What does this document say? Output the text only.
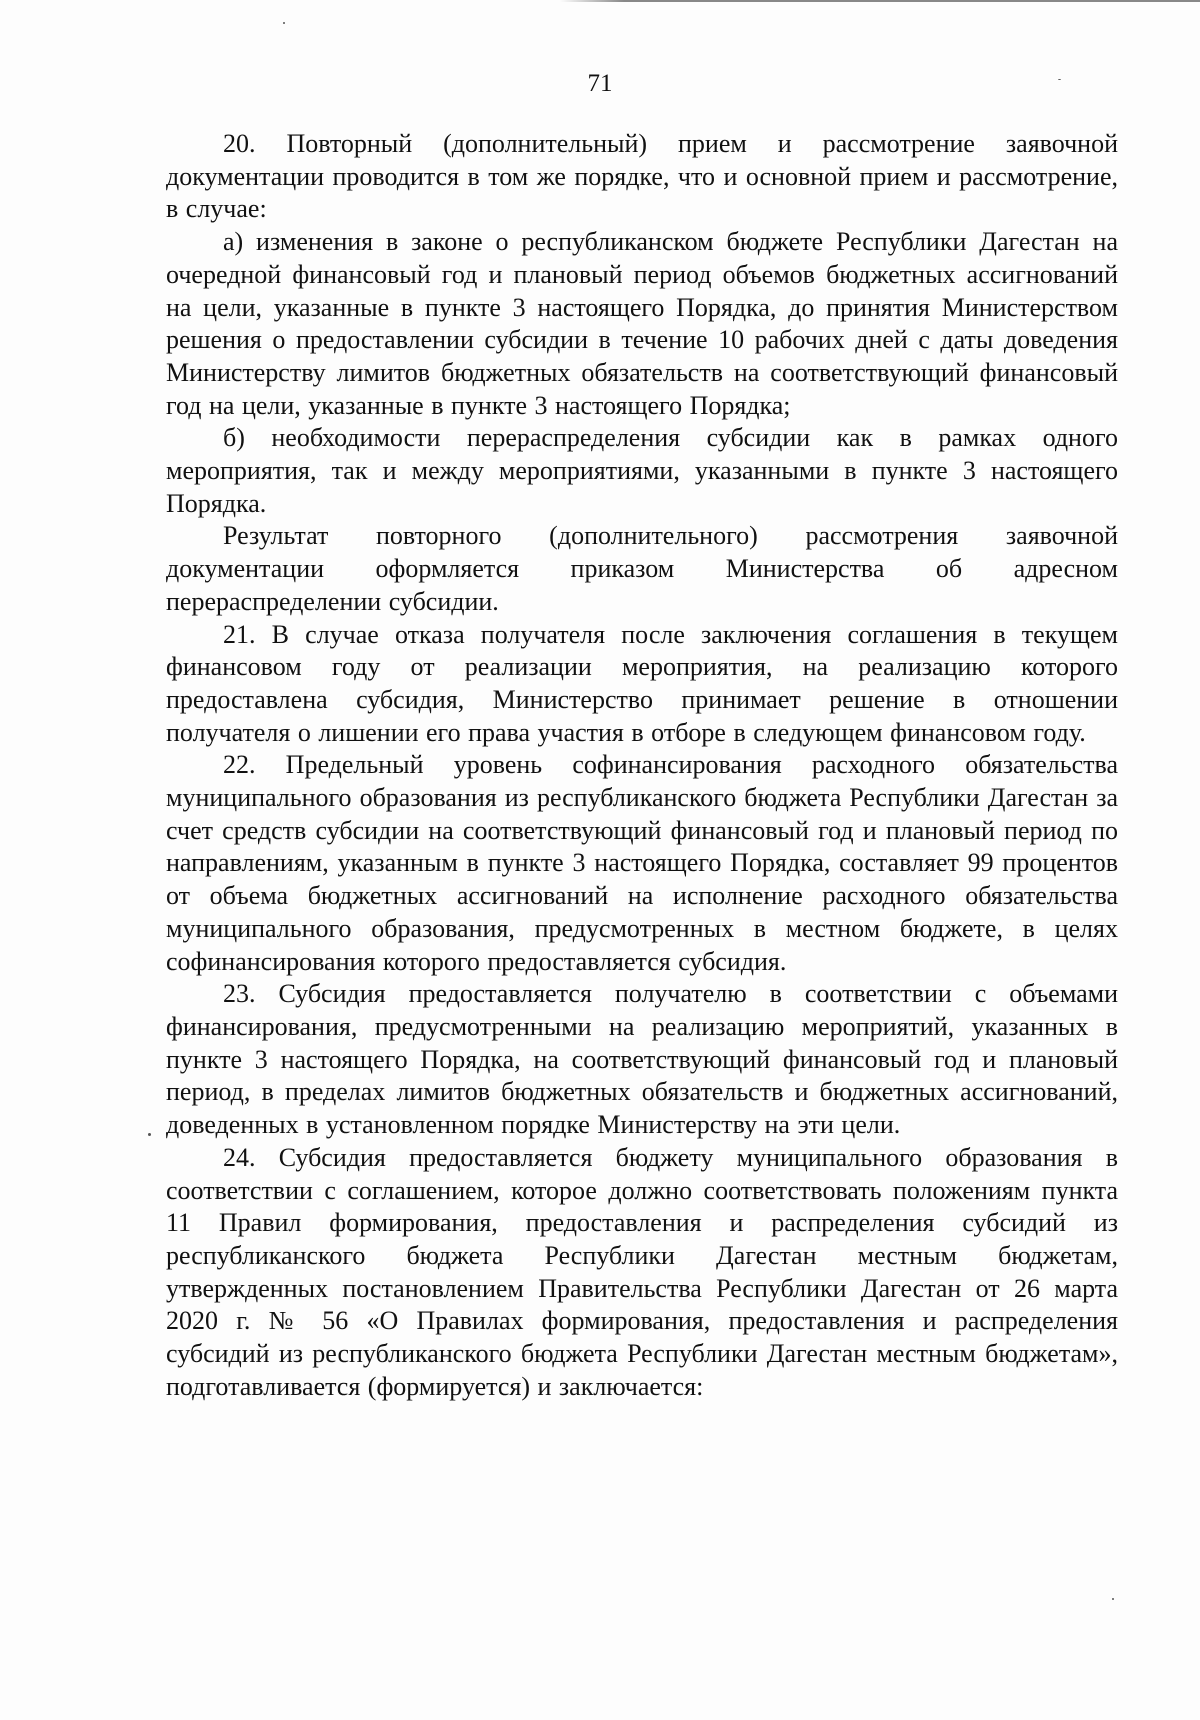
71

20. Повторный (дополнительный) прием и рассмотрение заявочной документации проводится в том же порядке, что и основной прием и рассмотрение, в случае:

а) изменения в законе о республиканском бюджете Республики Дагестан на очередной финансовый год и плановый период объемов бюджетных ассигнований на цели, указанные в пункте 3 настоящего Порядка, до принятия Министерством решения о предоставлении субсидии в течение 10 рабочих дней с даты доведения Министерству лимитов бюджетных обязательств на соответствующий финансовый год на цели, указанные в пункте 3 настоящего Порядка;

б) необходимости перераспределения субсидии как в рамках одного мероприятия, так и между мероприятиями, указанными в пункте 3 настоящего Порядка.

Результат повторного (дополнительного) рассмотрения заявочной документации оформляется приказом Министерства об адресном перераспределении субсидии.

21. В случае отказа получателя после заключения соглашения в текущем финансовом году от реализации мероприятия, на реализацию которого предоставлена субсидия, Министерство принимает решение в отношении получателя о лишении его права участия в отборе в следующем финансовом году.

22. Предельный уровень софинансирования расходного обязательства муниципального образования из республиканского бюджета Республики Дагестан за счет средств субсидии на соответствующий финансовый год и плановый период по направлениям, указанным в пункте 3 настоящего Порядка, составляет 99 процентов от объема бюджетных ассигнований на исполнение расходного обязательства муниципального образования, предусмотренных в местном бюджете, в целях софинансирования которого предоставляется субсидия.

23. Субсидия предоставляется получателю в соответствии с объемами финансирования, предусмотренными на реализацию мероприятий, указанных в пункте 3 настоящего Порядка, на соответствующий финансовый год и плановый период, в пределах лимитов бюджетных обязательств и бюджетных ассигнований, доведенных в установленном порядке Министерству на эти цели.

24. Субсидия предоставляется бюджету муниципального образования в соответствии с соглашением, которое должно соответствовать положениям пункта 11 Правил формирования, предоставления и распределения субсидий из республиканского бюджета Республики Дагестан местным бюджетам, утвержденных постановлением Правительства Республики Дагестан от 26 марта 2020 г. № 56 «О Правилах формирования, предоставления и распределения субсидий из республиканского бюджета Республики Дагестан местным бюджетам», подготавливается (формируется) и заключается:
